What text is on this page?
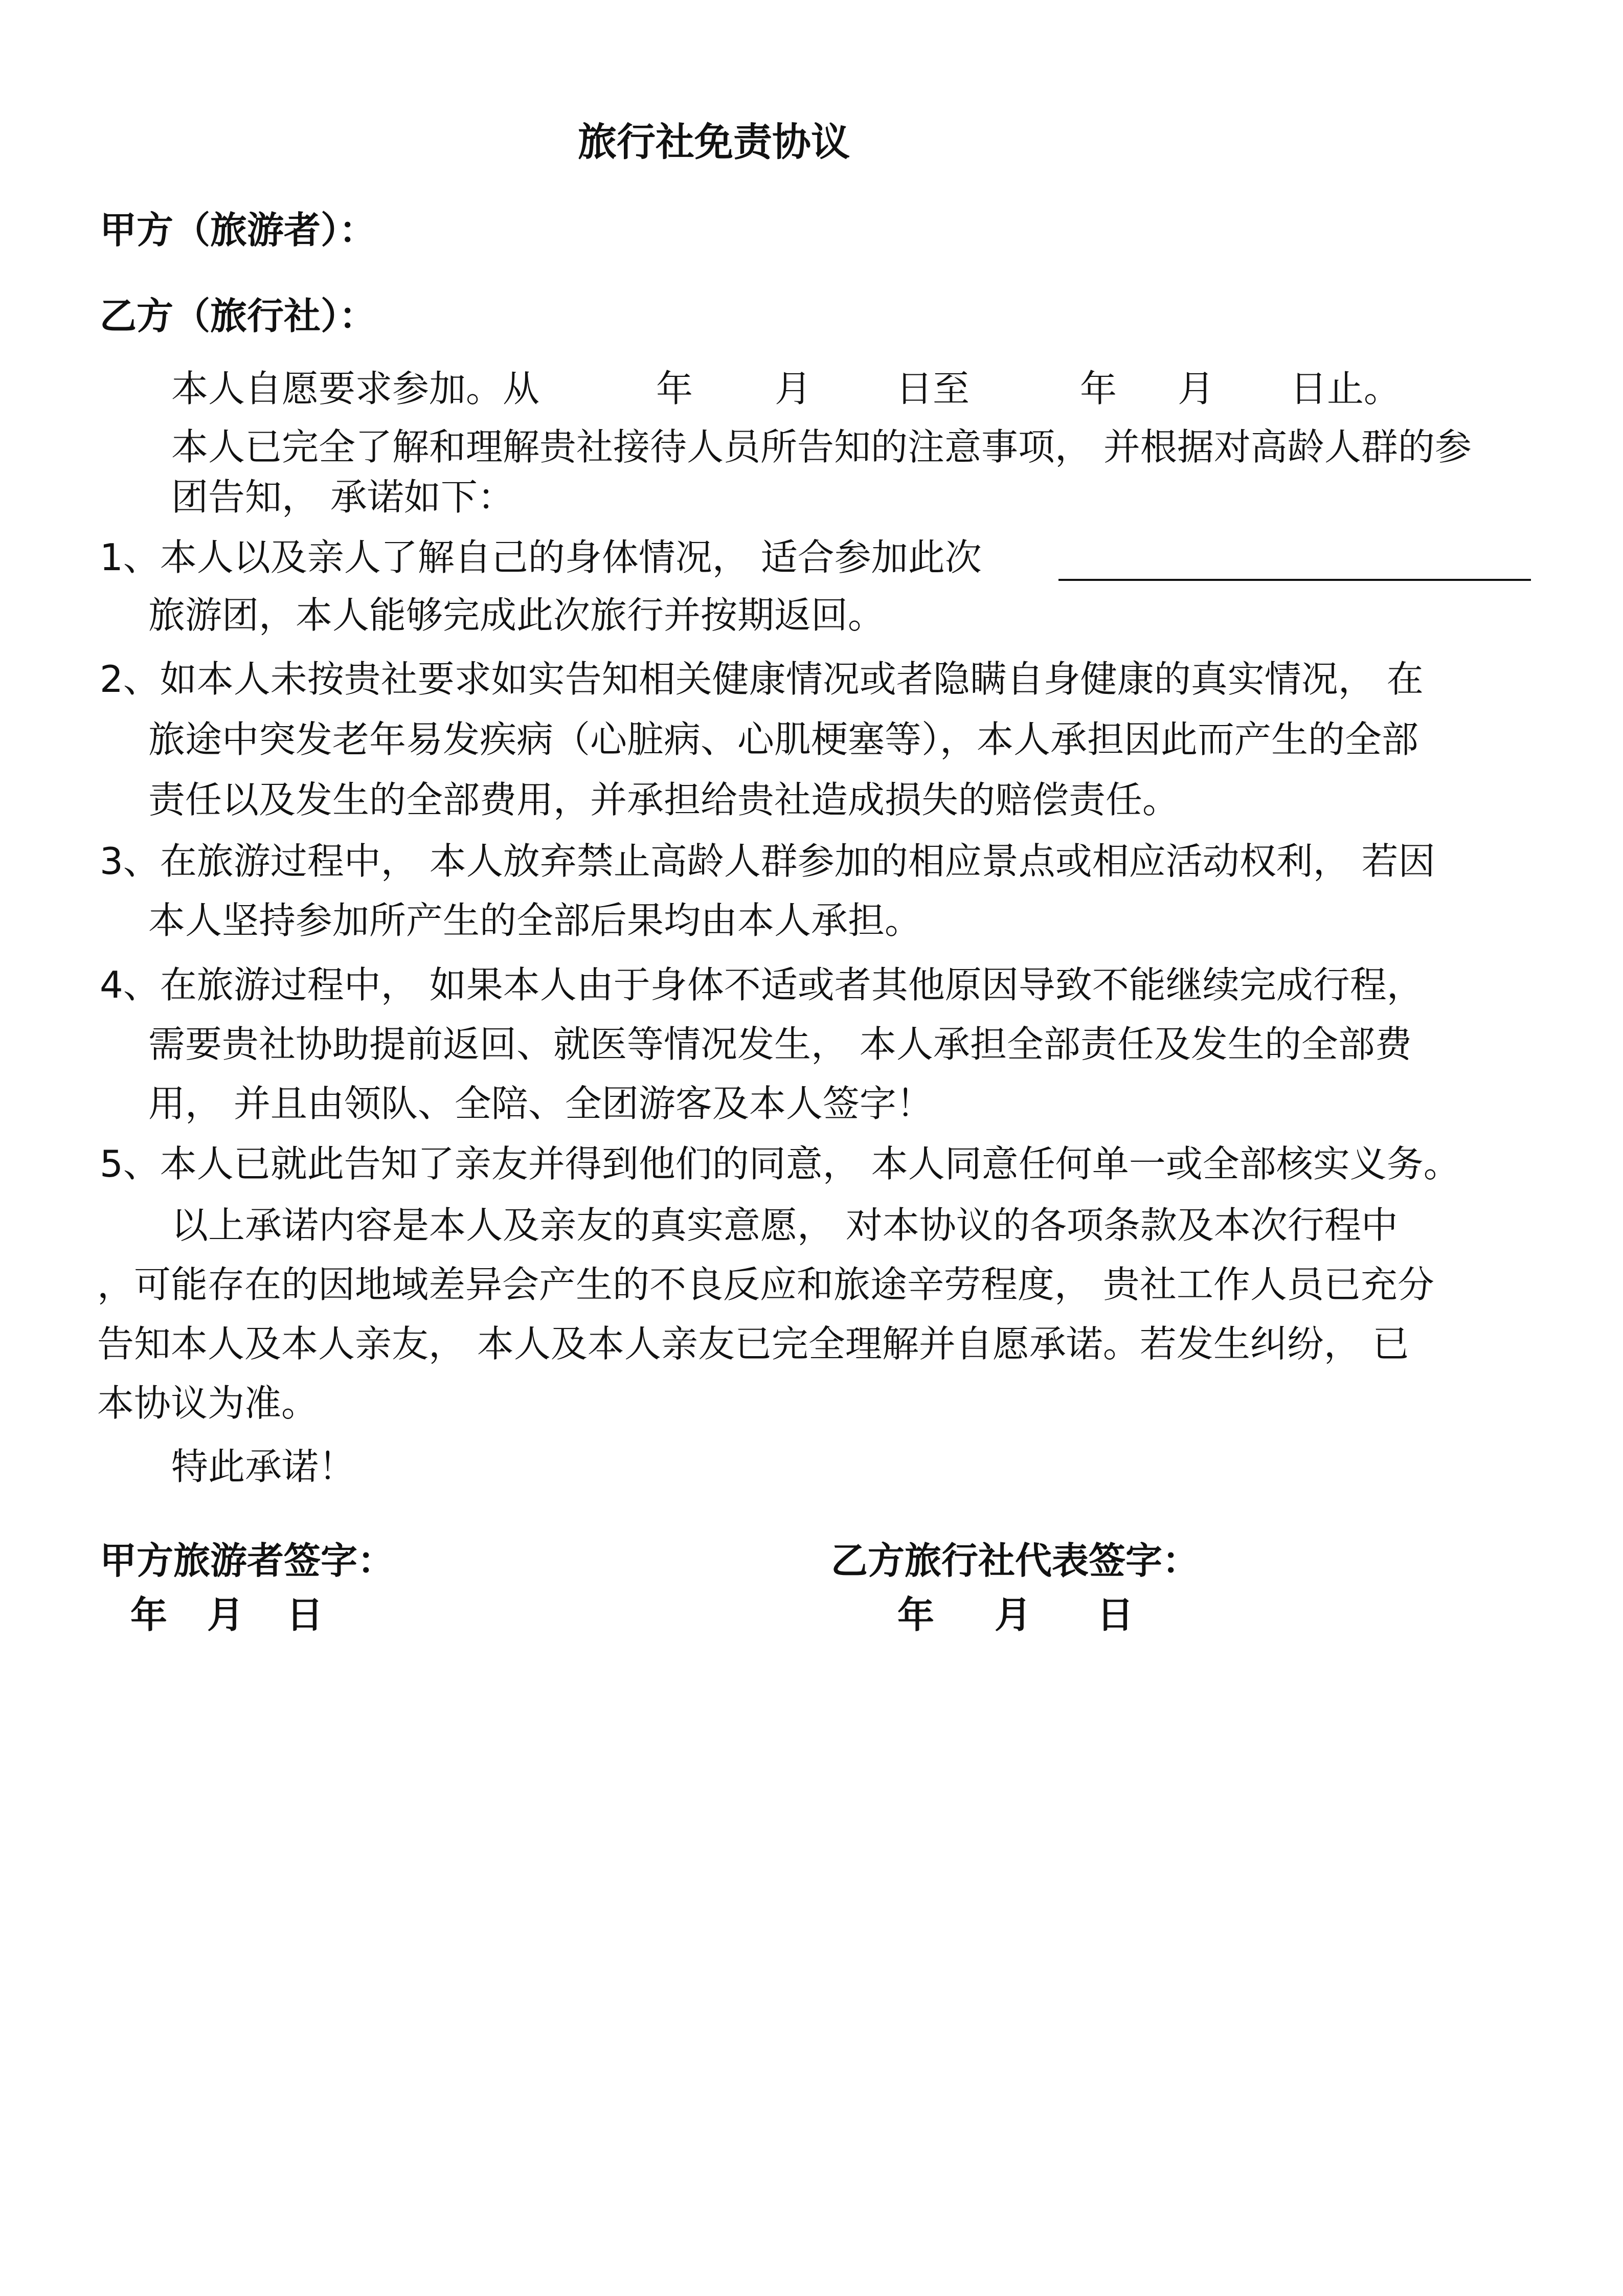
旅行社免责协议
甲方（旅游者）：
乙方（旅行社）：
本人自愿要求参加。从	年 月 日至	年 月 日止。
本人已完全了解和理解贵社接待人员所告知的注意事项， 并根据对高龄人群的参
团告知， 承诺如下：
1、本人以及亲人了解自己的身体情况， 适合参加此次
旅游团，本人能够完成此次旅行并按期返回。
2、如本人未按贵社要求如实告知相关健康情况或者隐瞒自身健康的真实情况， 在
旅途中突发老年易发疾病（心脏病、心肌梗塞等），本人承担因此而产生的全部
责任以及发生的全部费用，并承担给贵社造成损失的赔偿责任。
3、在旅游过程中， 本人放弃禁止高龄人群参加的相应景点或相应活动权利， 若因
本人坚持参加所产生的全部后果均由本人承担。
4、在旅游过程中， 如果本人由于身体不适或者其他原因导致不能继续完成行程，
需要贵社协助提前返回、就医等情况发生， 本人承担全部责任及发生的全部费
用， 并且由领队、全陪、全团游客及本人签字！
5、本人已就此告知了亲友并得到他们的同意， 本人同意任何单一或全部核实义务。
以上承诺内容是本人及亲友的真实意愿， 对本协议的各项条款及本次行程中
，可能存在的因地域差异会产生的不良反应和旅途辛劳程度， 贵社工作人员已充分
告知本人及本人亲友， 本人及本人亲友已完全理解并自愿承诺。若发生纠纷， 已
本协议为准。
特此承诺！
甲方旅游者签字：	乙方旅行社代表签字：
年 月 日	年 月 日
